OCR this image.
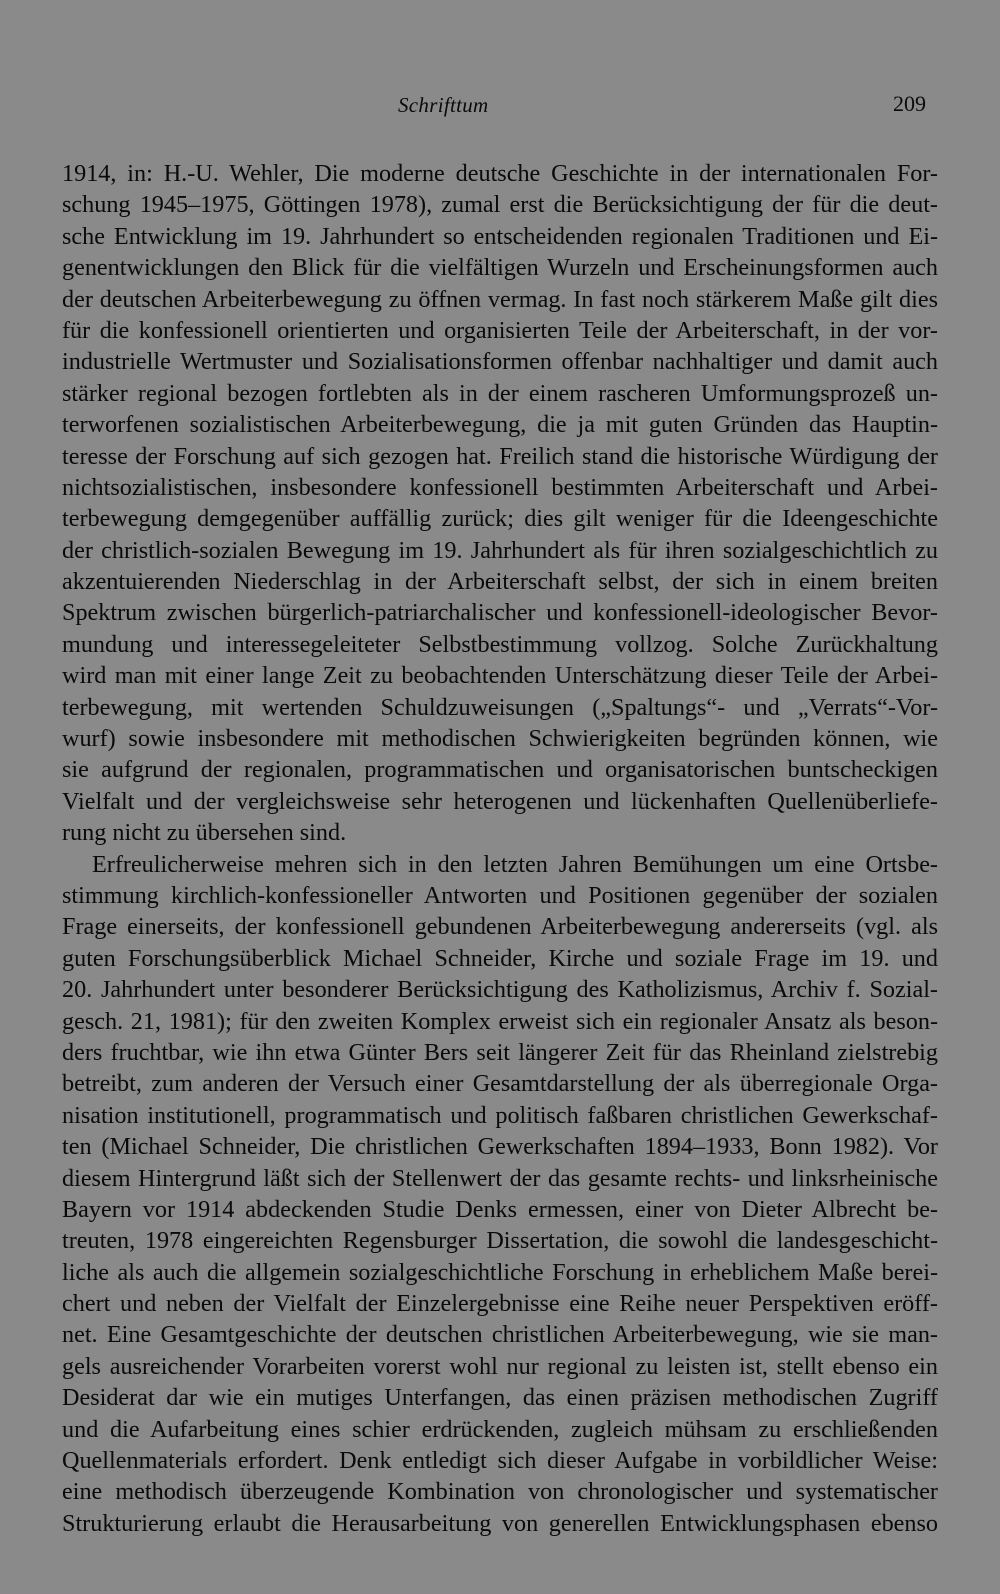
Schrifttum	209
1914, in: H.-U. Wehler, Die moderne deutsche Geschichte in der internationalen For-
schung 1945–1975, Göttingen 1978), zumal erst die Berücksichtigung der für die deut-
sche Entwicklung im 19. Jahrhundert so entscheidenden regionalen Traditionen und Ei-
genentwicklungen den Blick für die vielfältigen Wurzeln und Erscheinungsformen auch
der deutschen Arbeiterbewegung zu öffnen vermag. In fast noch stärkerem Maße gilt dies
für die konfessionell orientierten und organisierten Teile der Arbeiterschaft, in der vor-
industrielle Wertmuster und Sozialisationsformen offenbar nachhaltiger und damit auch
stärker regional bezogen fortlebten als in der einem rascheren Umformungsprozeß un-
terworfenen sozialistischen Arbeiterbewegung, die ja mit guten Gründen das Hauptin-
teresse der Forschung auf sich gezogen hat. Freilich stand die historische Würdigung der
nichtsozialistischen, insbesondere konfessionell bestimmten Arbeiterschaft und Arbei-
terbewegung demgegenüber auffällig zurück; dies gilt weniger für die Ideengeschichte
der christlich-sozialen Bewegung im 19. Jahrhundert als für ihren sozialgeschichtlich zu
akzentuierenden Niederschlag in der Arbeiterschaft selbst, der sich in einem breiten
Spektrum zwischen bürgerlich-patriarchalischer und konfessionell-ideologischer Bevor-
mundung und interessegeleiteter Selbstbestimmung vollzog. Solche Zurückhaltung
wird man mit einer lange Zeit zu beobachtenden Unterschätzung dieser Teile der Arbei-
terbewegung, mit wertenden Schuldzuweisungen („Spaltungs“- und „Verrats“-Vor-
wurf) sowie insbesondere mit methodischen Schwierigkeiten begründen können, wie
sie aufgrund der regionalen, programmatischen und organisatorischen buntscheckigen
Vielfalt und der vergleichsweise sehr heterogenen und lückenhaften Quellenüberliefe-
rung nicht zu übersehen sind.
Erfreulicherweise mehren sich in den letzten Jahren Bemühungen um eine Ortsbe-
stimmung kirchlich-konfessioneller Antworten und Positionen gegenüber der sozialen
Frage einerseits, der konfessionell gebundenen Arbeiterbewegung andererseits (vgl. als
guten Forschungsüberblick Michael Schneider, Kirche und soziale Frage im 19. und
20. Jahrhundert unter besonderer Berücksichtigung des Katholizismus, Archiv f. Sozial-
gesch. 21, 1981); für den zweiten Komplex erweist sich ein regionaler Ansatz als beson-
ders fruchtbar, wie ihn etwa Günter Bers seit längerer Zeit für das Rheinland zielstrebig
betreibt, zum anderen der Versuch einer Gesamtdarstellung der als überregionale Orga-
nisation institutionell, programmatisch und politisch faßbaren christlichen Gewerkschaf-
ten (Michael Schneider, Die christlichen Gewerkschaften 1894–1933, Bonn 1982). Vor
diesem Hintergrund läßt sich der Stellenwert der das gesamte rechts- und linksrheinische
Bayern vor 1914 abdeckenden Studie Denks ermessen, einer von Dieter Albrecht be-
treuten, 1978 eingereichten Regensburger Dissertation, die sowohl die landesgeschicht-
liche als auch die allgemein sozialgeschichtliche Forschung in erheblichem Maße berei-
chert und neben der Vielfalt der Einzelergebnisse eine Reihe neuer Perspektiven eröff-
net. Eine Gesamtgeschichte der deutschen christlichen Arbeiterbewegung, wie sie man-
gels ausreichender Vorarbeiten vorerst wohl nur regional zu leisten ist, stellt ebenso ein
Desiderat dar wie ein mutiges Unterfangen, das einen präzisen methodischen Zugriff
und die Aufarbeitung eines schier erdrückenden, zugleich mühsam zu erschließenden
Quellenmaterials erfordert. Denk entledigt sich dieser Aufgabe in vorbildlicher Weise:
eine methodisch überzeugende Kombination von chronologischer und systematischer
Strukturierung erlaubt die Herausarbeitung von generellen Entwicklungsphasen ebenso
